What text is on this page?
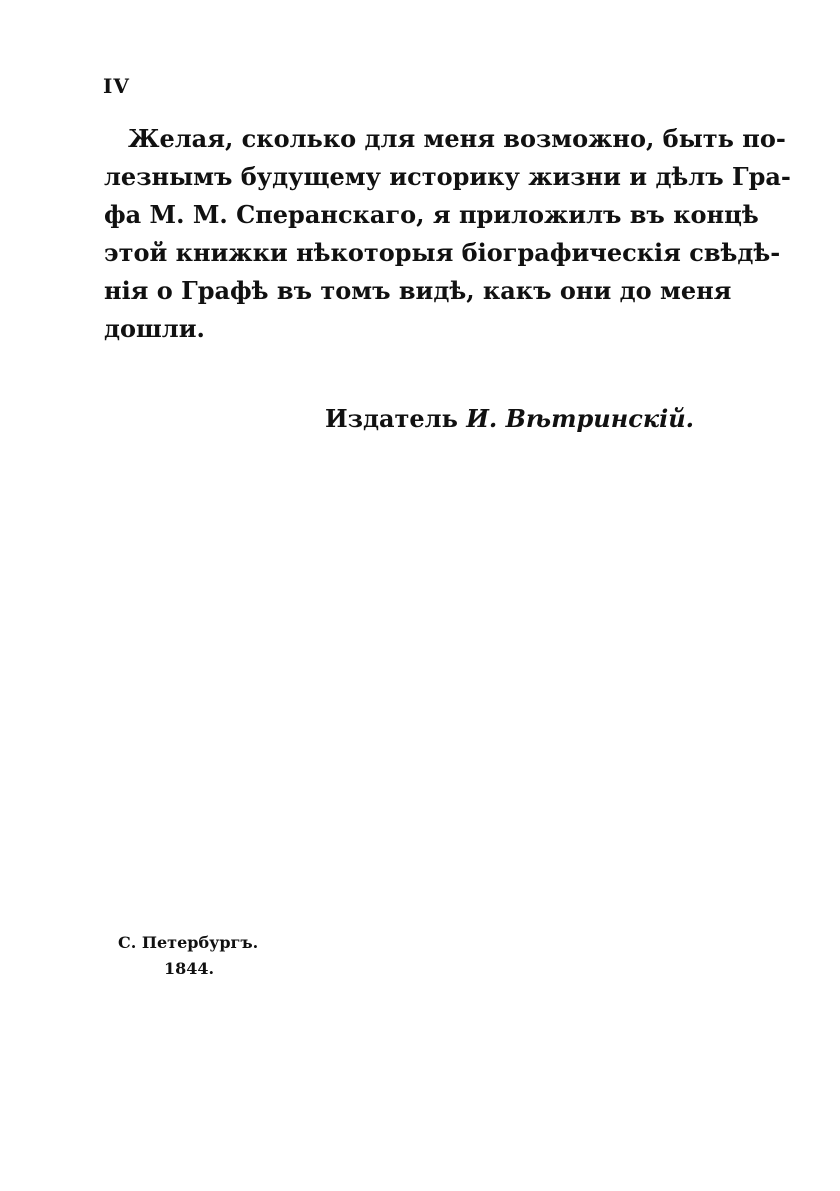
IV
Желая, сколько для меня возможно, быть по-
лезнымъ будущему историку жизни и дѣлъ Гра-
фа М. М. Сперанскаго, я приложилъ въ концѣ
этой книжки нѣкоторыя біографическія свѣдѣ-
нія о Графѣ въ томъ видѣ, какъ они до меня
дошли.
Издатель И. Вѣтринскій.
С. Петербургъ.
1844.
